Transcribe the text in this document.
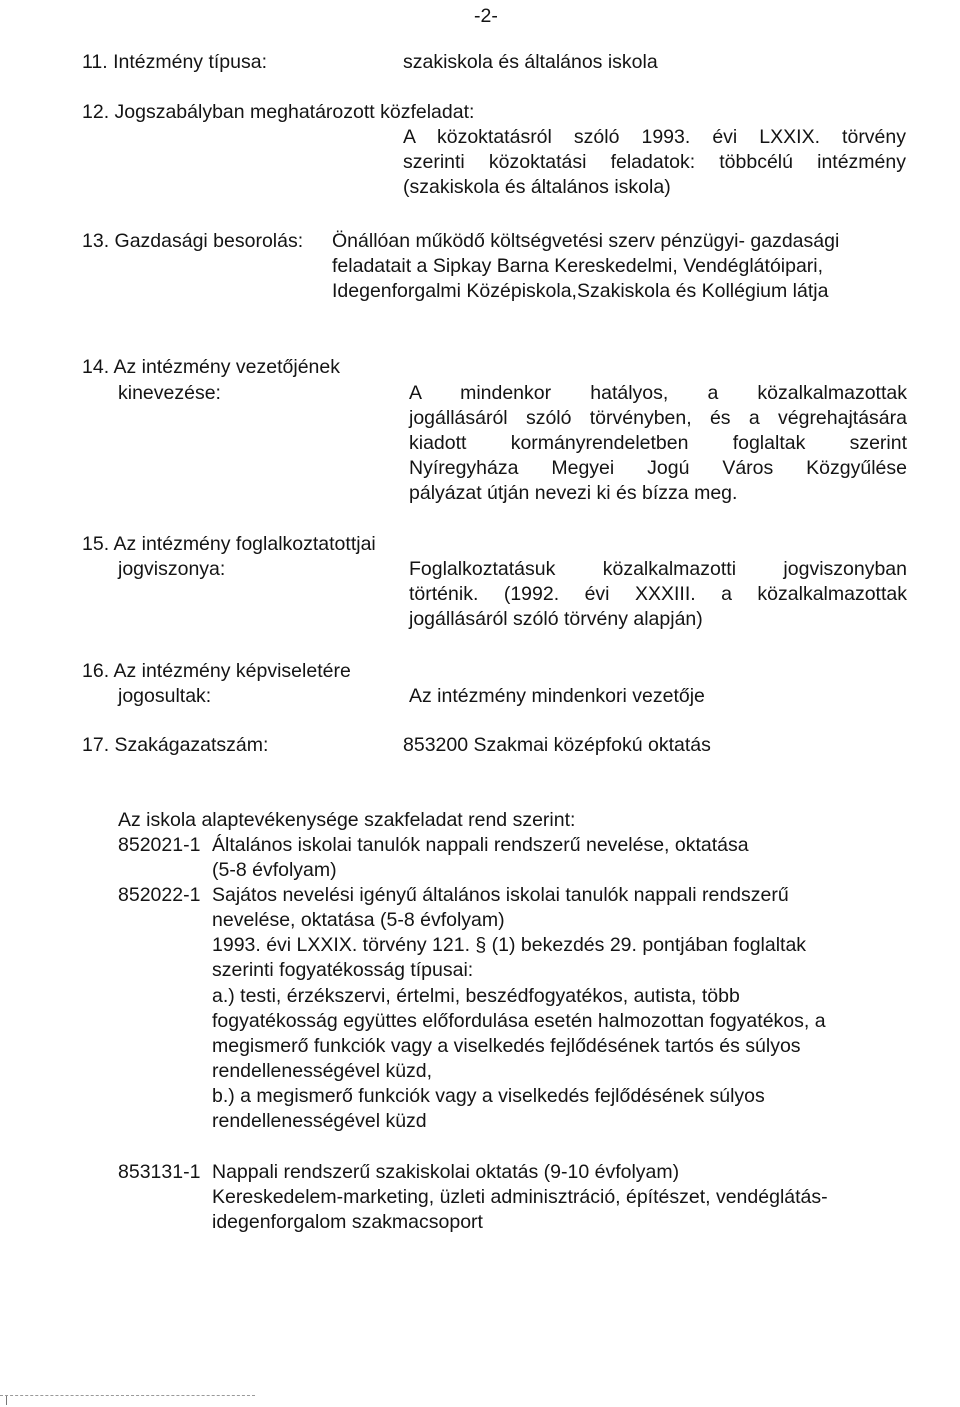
-2-
11. Intézmény típusa:	szakiskola és általános iskola
12. Jogszabályban meghatározott közfeladat:
A közoktatásról szóló 1993. évi LXXIX. törvény
szerinti közoktatási feladatok: többcélú intézmény
(szakiskola és általános iskola)
13. Gazdasági besorolás: Önállóan működő költségvetési szerv pénzügyi- gazdasági
feladatait a Sipkay Barna Kereskedelmi, Vendéglátóipari,
Idegenforgalmi Középiskola,Szakiskola és Kollégium látja
14. Az intézmény vezetőjének
kinevezése:	A mindenkor hatályos, a közalkalmazottak
jogállásáról szóló törvényben, és a végrehajtására
kiadott kormányrendeletben foglaltak szerint
Nyíregyháza Megyei Jogú Város Közgyűlése
pályázat útján nevezi ki és bízza meg.
15. Az intézmény foglalkoztatottjai
jogviszonya:	Foglalkoztatásuk közalkalmazotti jogviszonyban
történik. (1992. évi XXXIII. a közalkalmazottak
jogállásáról szóló törvény alapján)
16. Az intézmény képviseletére
jogosultak:	Az intézmény mindenkori vezetője
17. Szakágazatszám:	853200 Szakmai középfokú oktatás
Az iskola alaptevékenysége szakfeladat rend szerint:
852021-1 Általános iskolai tanulók nappali rendszerű nevelése, oktatása
(5-8 évfolyam)
852022-1 Sajátos nevelési igényű általános iskolai tanulók nappali rendszerű
nevelése, oktatása (5-8 évfolyam)
1993. évi LXXIX. törvény 121. § (1) bekezdés 29. pontjában foglaltak
szerinti fogyatékosság típusai:
a.) testi, érzékszervi, értelmi, beszédfogyatékos, autista, több
fogyatékosság együttes előfordulása esetén halmozottan fogyatékos, a
megismerő funkciók vagy a viselkedés fejlődésének tartós és súlyos
rendellenességével küzd,
b.) a megismerő funkciók vagy a viselkedés fejlődésének súlyos
rendellenességével küzd
853131-1 Nappali rendszerű szakiskolai oktatás (9-10 évfolyam)
Kereskedelem-marketing, üzleti adminisztráció, építészet, vendéglátás-
idegenforgalom szakmacsoport
